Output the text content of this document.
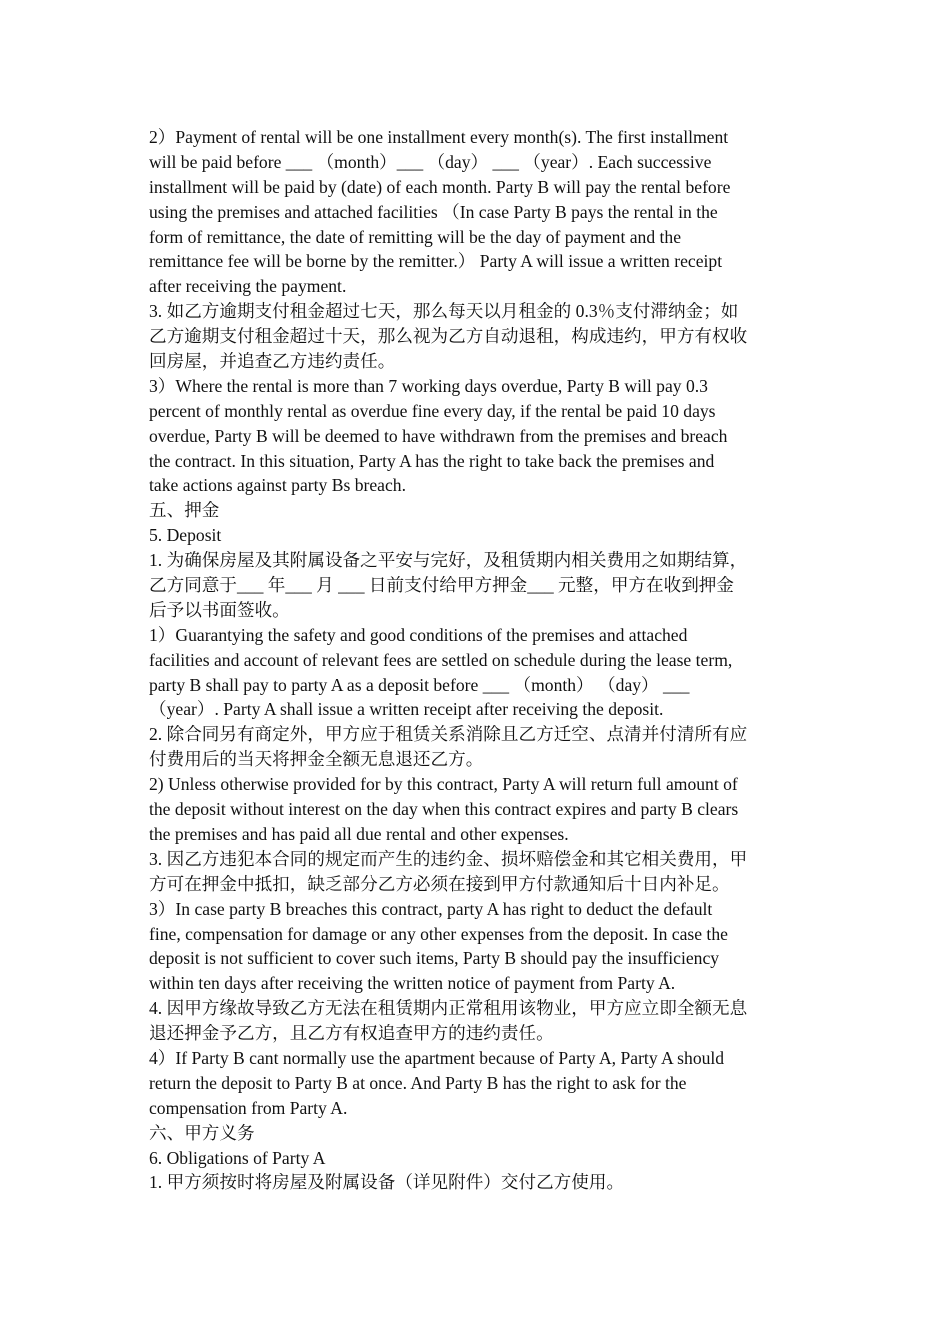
2）Payment of rental will be one installment every month(s). The first installment
will be paid before ___ （month）___ （day） ___ （year）. Each successive
installment will be paid by (date) of each month. Party B will pay the rental before
using the premises and attached facilities （In case Party B pays the rental in the
form of remittance, the date of remitting will be the day of payment and the
remittance fee will be borne by the remitter.） Party A will issue a written receipt
after receiving the payment.
3. 如乙方逾期支付租金超过七天，那么每天以月租金的 0.3％支付滞纳金；如
乙方逾期支付租金超过十天，那么视为乙方自动退租，构成违约，甲方有权收
回房屋，并追查乙方违约责任。
3）Where the rental is more than 7 working days overdue, Party B will pay 0.3
percent of monthly rental as overdue fine every day, if the rental be paid 10 days
overdue, Party B will be deemed to have withdrawn from the premises and breach
the contract. In this situation, Party A has the right to take back the premises and
take actions against party Bs breach.
五、押金
5. Deposit
1. 为确保房屋及其附属设备之平安与完好，及租赁期内相关费用之如期结算，
乙方同意于___ 年___ 月 ___ 日前支付给甲方押金___ 元整，甲方在收到押金
后予以书面签收。
1）Guarantying the safety and good conditions of the premises and attached
facilities and account of relevant fees are settled on schedule during the lease term,
party B shall pay to party A as a deposit before ___ （month） （day） ___
（year）. Party A shall issue a written receipt after receiving the deposit.
2. 除合同另有商定外，甲方应于租赁关系消除且乙方迁空、点清并付清所有应
付费用后的当天将押金全额无息退还乙方。
2) Unless otherwise provided for by this contract, Party A will return full amount of
the deposit without interest on the day when this contract expires and party B clears
the premises and has paid all due rental and other expenses.
3. 因乙方违犯本合同的规定而产生的违约金、损坏赔偿金和其它相关费用，甲
方可在押金中抵扣，缺乏部分乙方必须在接到甲方付款通知后十日内补足。
3）In case party B breaches this contract, party A has right to deduct the default
fine, compensation for damage or any other expenses from the deposit. In case the
deposit is not sufficient to cover such items, Party B should pay the insufficiency
within ten days after receiving the written notice of payment from Party A.
4. 因甲方缘故导致乙方无法在租赁期内正常租用该物业，甲方应立即全额无息
退还押金予乙方，且乙方有权追查甲方的违约责任。
4）If Party B cant normally use the apartment because of Party A, Party A should
return the deposit to Party B at once. And Party B has the right to ask for the
compensation from Party A.
六、甲方义务
6. Obligations of Party A
1. 甲方须按时将房屋及附属设备（详见附件）交付乙方使用。
